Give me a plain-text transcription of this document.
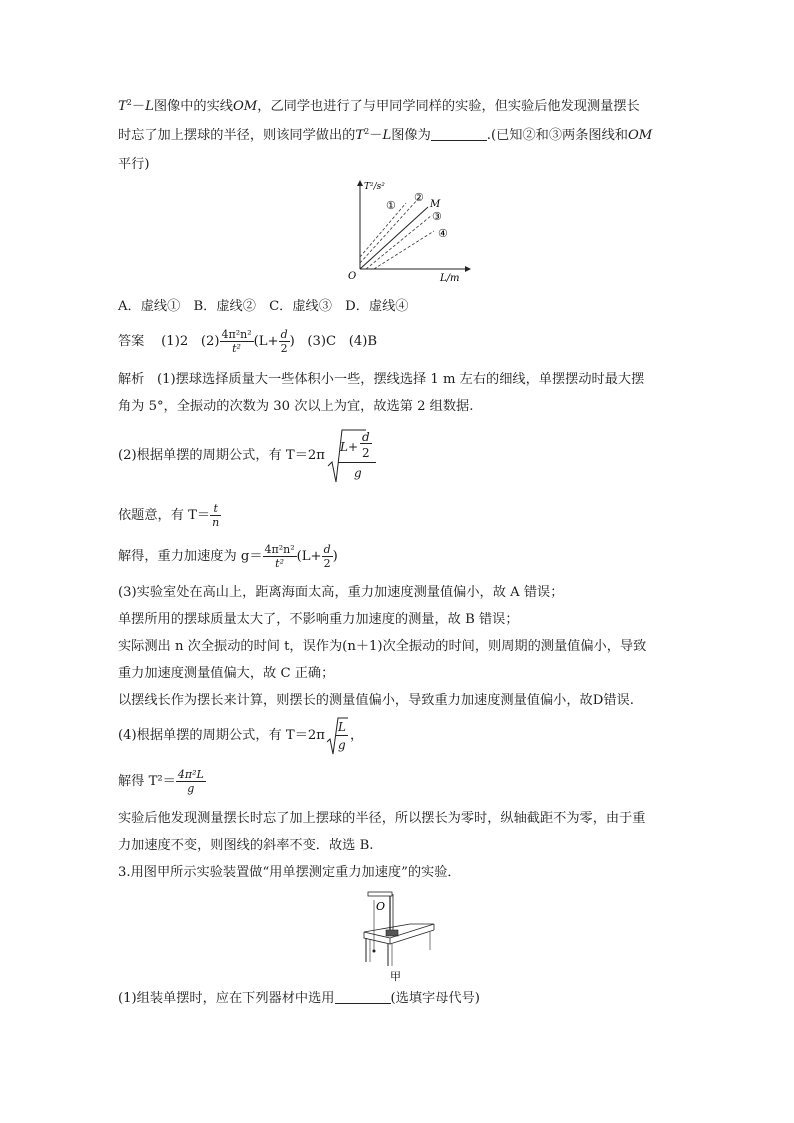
$T^2-L$图像中的实线OM，乙同学也进行了与甲同学同样的实验，但实验后他发现测量摆长
时忘了加上摆球的半径，则该同学做出的$T^2-L$图像为	.(已知②和③两条图线和OM
平行)
T²/s²
L/m
O
①
②
M
③
④
A．虚线①　B．虚线②　C．虚线③　D．虚线④
答案 (1)2 $(2) \frac{\text{4π²n²}}{\text{t²}} (L+ \frac{d}{2}$ ) (3)C (4)B
解析 (1)摆球选择质量大一些体积小一些，摆线选择 1 m 左右的细线，单摆摆动时最大摆
角为 5°，全振动的次数为 30 次以上为宜，故选第 2 组数据.
(2)根据单摆的周期公式，有 T＝2π
L+
d
2
g
依题意，有 $T= \frac{t}{n}$
解得，重力加速度为 $g= \frac{\text{4π²n²}}{\text{t²}} (L+ \frac{d}{2}$ )
(3)实验室处在高山上，距离海面太高，重力加速度测量值偏小，故 A 错误；
单摆所用的摆球质量太大了，不影响重力加速度的测量，故 B 错误；
实际测出 n 次全振动的时间 t，误作为(n＋1)次全振动的时间，则周期的测量值偏小，导致
重力加速度测量值偏大，故 C 正确；
以摆线长作为摆长来计算，则摆长的测量值偏小，导致重力加速度测量值偏小，故D错误.
(4)根据单摆的周期公式，有 T＝2π
L
g
，
解得 $T^2= \frac{\text{4π²L}}{g}$
实验后他发现测量摆长时忘了加上摆球的半径，所以摆长为零时，纵轴截距不为零，由于重
力加速度不变，则图线的斜率不变．故选 B.
3.用图甲所示实验装置做“用单摆测定重力加速度”的实验．
O
甲
(1)组装单摆时，应在下列器材中选用	(选填字母代号)
